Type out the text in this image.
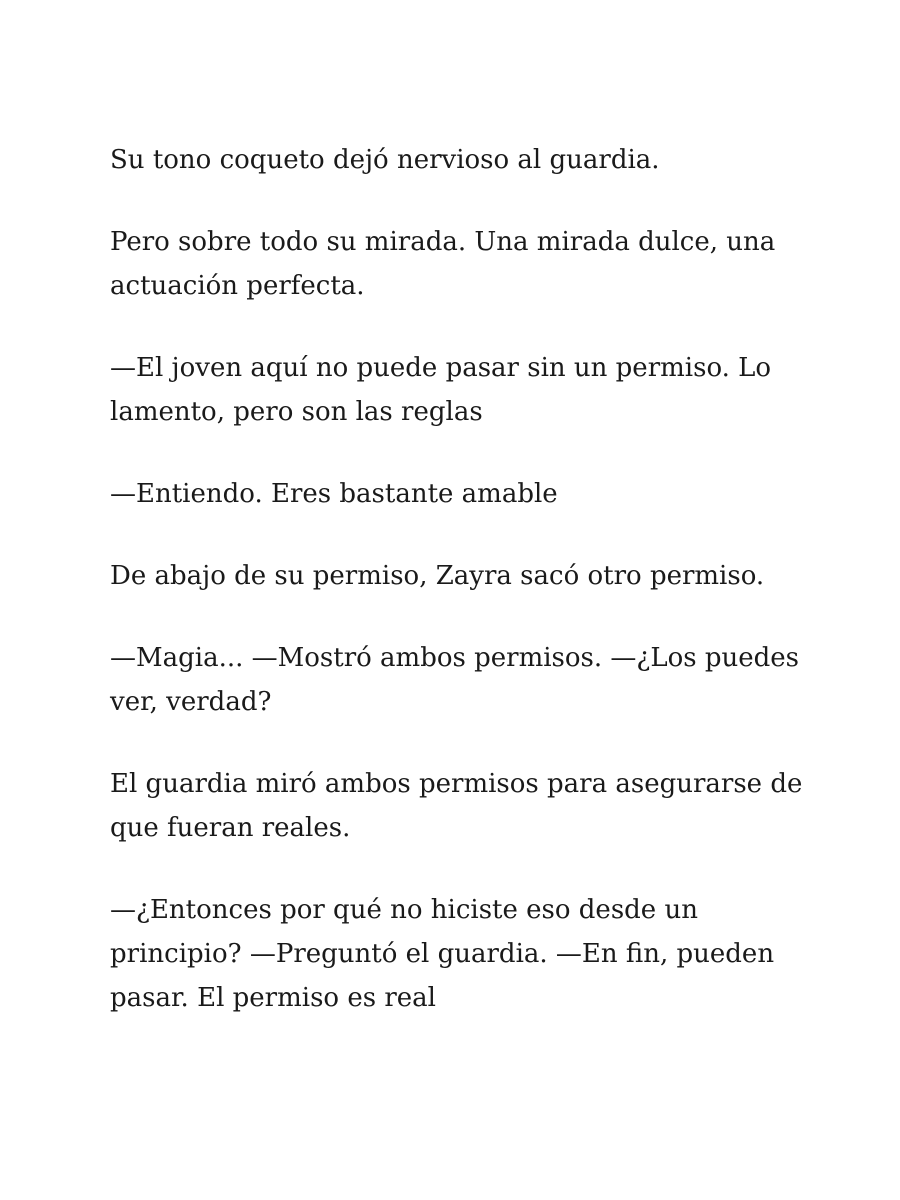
Su tono coqueto dejó nervioso al guardia.

Pero sobre todo su mirada. Una mirada dulce, una actuación perfecta.

—El joven aquí no puede pasar sin un permiso. Lo lamento, pero son las reglas

—Entiendo. Eres bastante amable

De abajo de su permiso, Zayra sacó otro permiso.

—Magia... —Mostró ambos permisos. —¿Los puedes ver, verdad?

El guardia miró ambos permisos para asegurarse de que fueran reales.

—¿Entonces por qué no hiciste eso desde un principio? —Preguntó el guardia. —En fin, pueden pasar. El permiso es real
